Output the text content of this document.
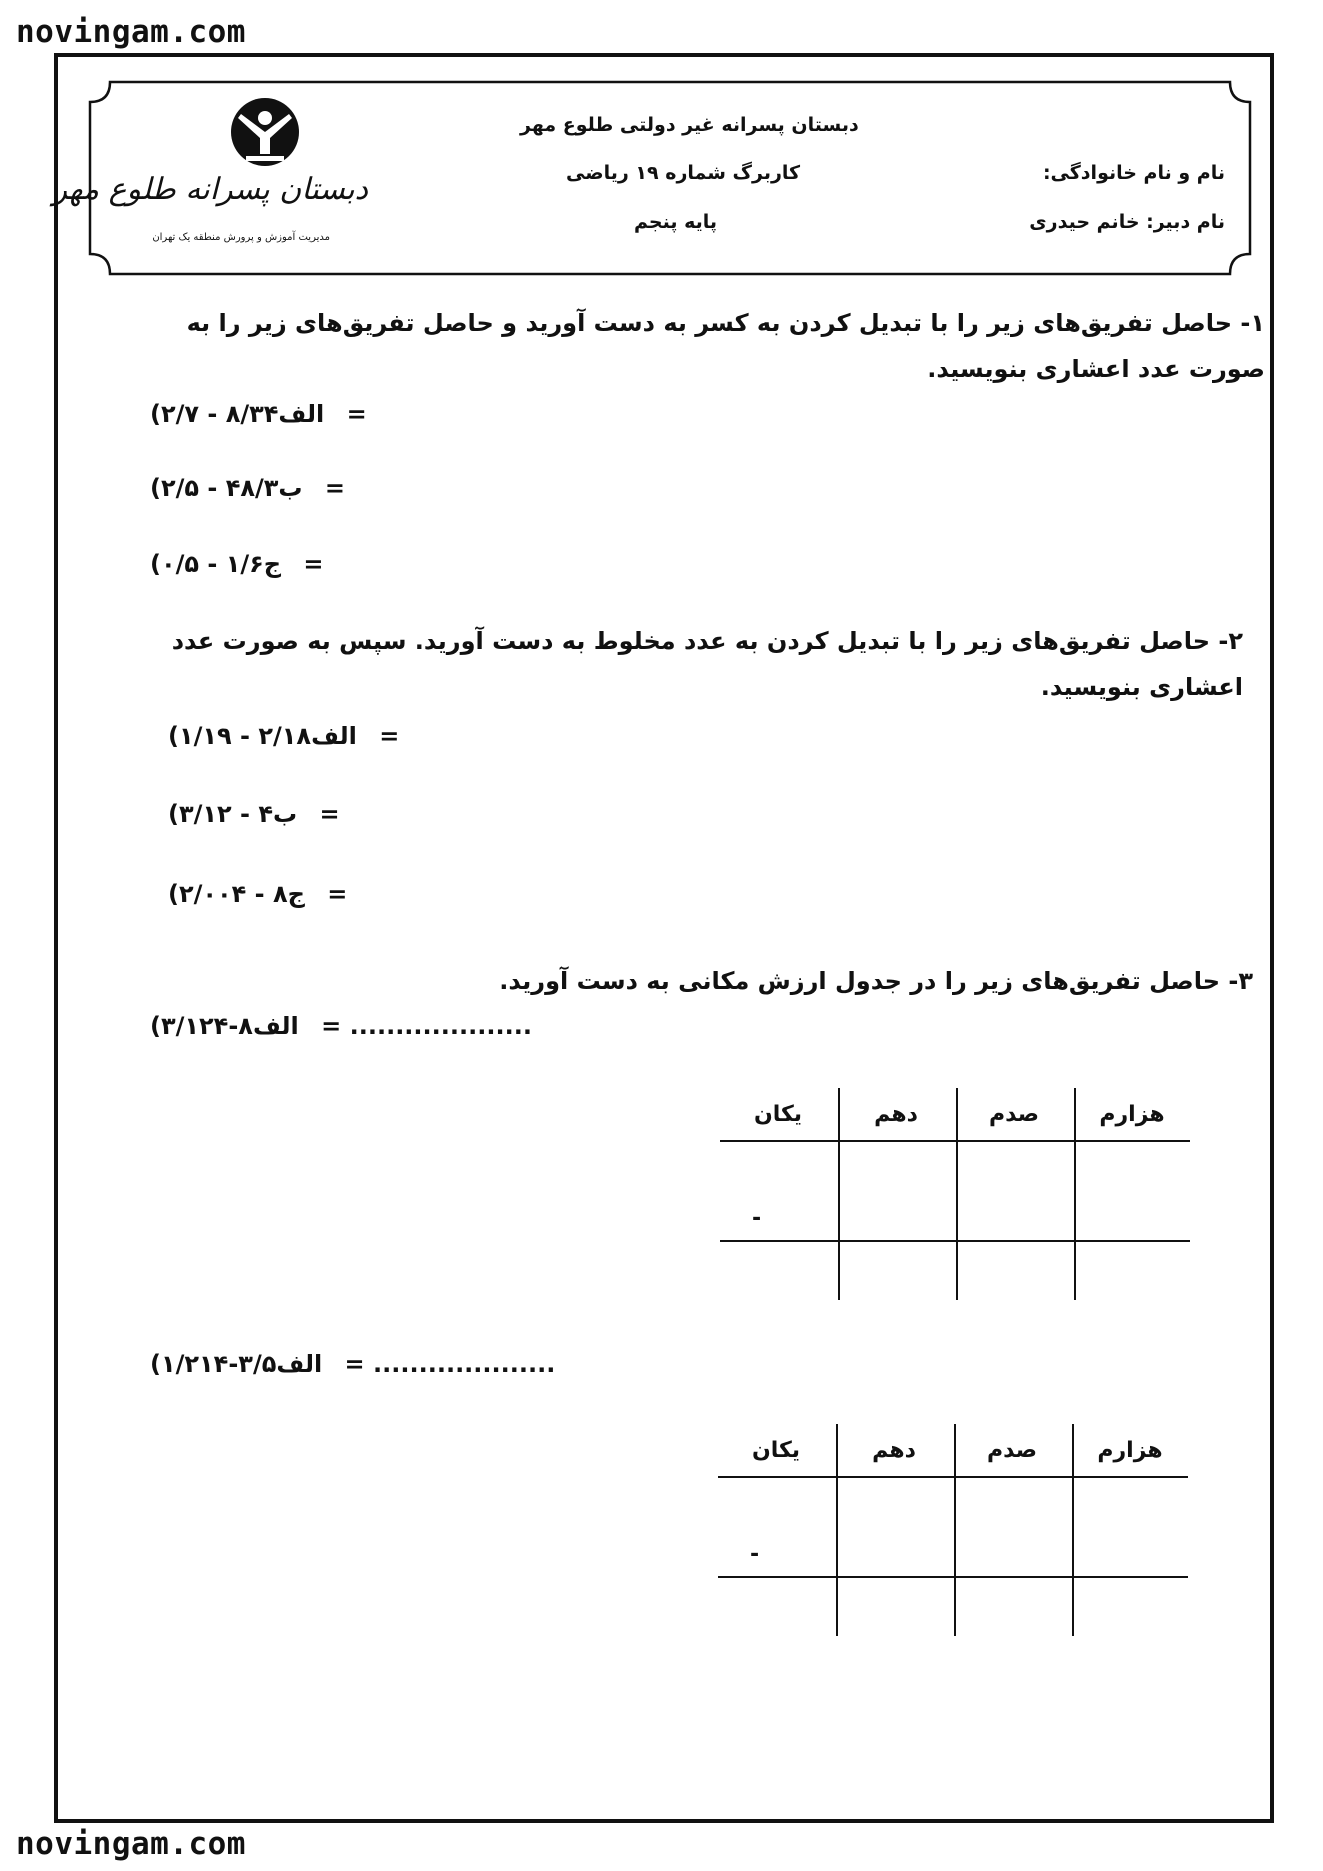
novingam.com
دبستان پسرانه طلوع مهر
مدیریت آموزش و پرورش منطقه یک تهران
دبستان پسرانه غیر دولتی طلوع مهر
کاربرگ شماره ۱۹ ریاضی
پایه پنجم
نام و نام خانوادگی:
نام دبیر: خانم حیدری
۱- حاصل تفریق‌های زیر را با تبدیل کردن به کسر به دست آورید و حاصل تفریق‌های زیر را به صورت عدد اعشاری بنویسید.
(الف۸/۳۴ - ۲/۷ =
(ب۴۸/۳ - ۲/۵ =
(ج۱/۶ - ۰/۵ =
۲- حاصل تفریق‌های زیر را با تبدیل کردن به عدد مخلوط به دست آورید. سپس به صورت عدد اعشاری بنویسید.
(الف۲/۱۸ - ۱/۱۹ =
(ب۴ - ۳/۱۲ =
(ج۸ - ۲/۰۰۴ =
۳- حاصل تفریق‌های زیر را در جدول ارزش مکانی به دست آورید.
(الف۸-۳/۱۲۴ = ....................
یکان	دهم	صدم	هزارم
-
(الف۳/۵-۱/۲۱۴ = ....................
یکان	دهم	صدم	هزارم
-
novingam.com
